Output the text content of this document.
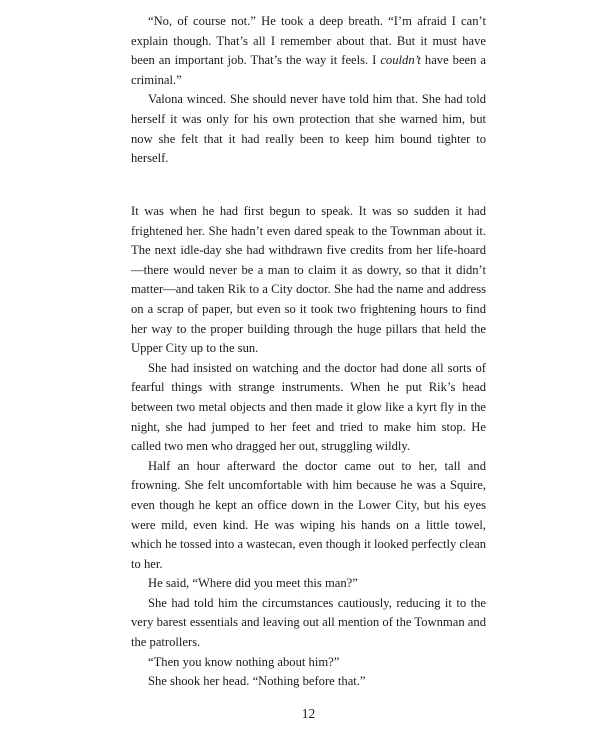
“No, of course not.” He took a deep breath. “I’m afraid I can’t explain though. That’s all I remember about that. But it must have been an important job. That’s the way it feels. I couldn’t have been a criminal.”

Valona winced. She should never have told him that. She had told herself it was only for his own protection that she warned him, but now she felt that it had really been to keep him bound tighter to herself.

It was when he had first begun to speak. It was so sudden it had frightened her. She hadn’t even dared speak to the Townman about it. The next idle-day she had withdrawn five credits from her life-hoard—there would never be a man to claim it as dowry, so that it didn’t matter—and taken Rik to a City doctor. She had the name and address on a scrap of paper, but even so it took two frightening hours to find her way to the proper building through the huge pillars that held the Upper City up to the sun.

She had insisted on watching and the doctor had done all sorts of fearful things with strange instruments. When he put Rik’s head between two metal objects and then made it glow like a kyrt fly in the night, she had jumped to her feet and tried to make him stop. He called two men who dragged her out, struggling wildly.

Half an hour afterward the doctor came out to her, tall and frowning. She felt uncomfortable with him because he was a Squire, even though he kept an office down in the Lower City, but his eyes were mild, even kind. He was wiping his hands on a little towel, which he tossed into a wastecan, even though it looked perfectly clean to her.

He said, “Where did you meet this man?”

She had told him the circumstances cautiously, reducing it to the very barest essentials and leaving out all mention of the Townman and the patrollers.

“Then you know nothing about him?”

She shook her head. “Nothing before that.”

12
